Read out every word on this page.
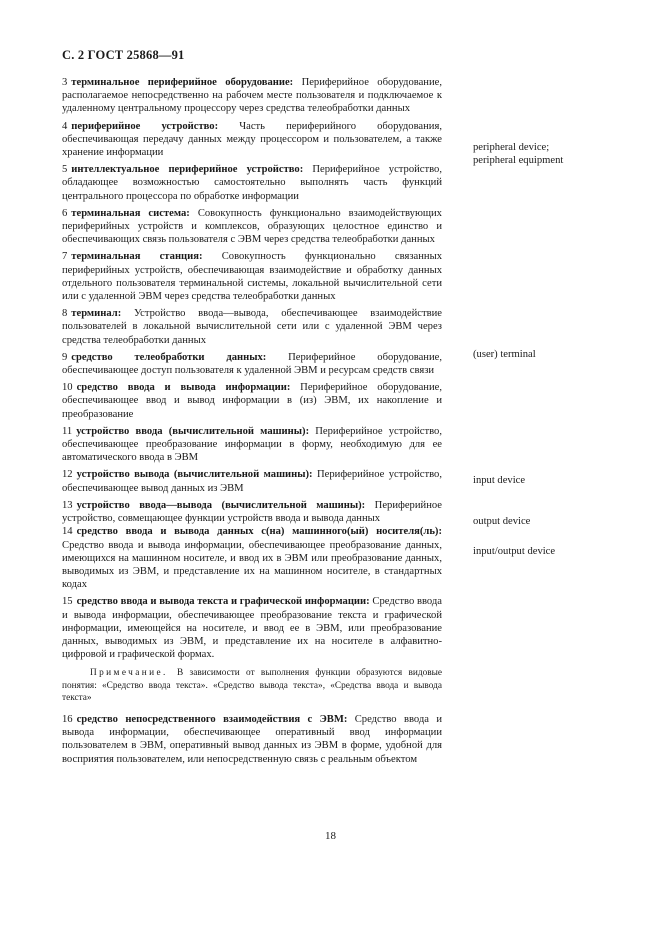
С. 2 ГОСТ 25868—91
3 терминальное периферийное оборудование: Периферийное оборудование, располагаемое непосредственно на рабочем месте пользователя и подключаемое к удаленному центральному процессору через средства телеобработки данных
4 периферийное устройство: Часть периферийного оборудования, обеспечивающая передачу данных между процессором и пользователем, а также хранение информации
5 интеллектуальное периферийное устройство: Периферийное устройство, обладающее возможностью самостоятельно выполнять часть функций центрального процессора по обработке информации
6 терминальная система: Совокупность функционально взаимодействующих периферийных устройств и комплексов, образующих целостное единство и обеспечивающих связь пользователя с ЭВМ через средства телеобработки данных
7 терминальная станция: Совокупность функционально связанных периферийных устройств, обеспечивающая взаимодействие и обработку данных отдельного пользователя терминальной системы, локальной вычислительной сети или с удаленной ЭВМ через средства телеобработки данных
8 терминал: Устройство ввода—вывода, обеспечивающее взаимодействие пользователей в локальной вычислительной сети или с удаленной ЭВМ через средства телеобработки данных
9 средство телеобработки данных: Периферийное оборудование, обеспечивающее доступ пользователя к удаленной ЭВМ и ресурсам средств связи
10 средство ввода и вывода информации: Периферийное оборудование, обеспечивающее ввод и вывод информации в (из) ЭВМ, их накопление и преобразование
11 устройство ввода (вычислительной машины): Периферийное устройство, обеспечивающее преобразование информации в форму, необходимую для ее автоматического ввода в ЭВМ
12 устройство вывода (вычислительной машины): Периферийное устройство, обеспечивающее вывод данных из ЭВМ
13 устройство ввода—вывода (вычислительной машины): Периферийное устройство, совмещающее функции устройств ввода и вывода данных
14 средство ввода и вывода данных с(на) машинного(ый) носителя(ль): Средство ввода и вывода информации, обеспечивающее преобразование данных, имеющихся на машинном носителе, и ввод их в ЭВМ или преобразование данных, выводимых из ЭВМ, и представление их на машинном носителе, в стандартных кодах
15 средство ввода и вывода текста и графической информации: Средство ввода и вывода информации, обеспечивающее преобразование текста и графической информации, имеющейся на носителе, и ввод ее в ЭВМ, или преобразование данных, выводимых из ЭВМ, и представление их на носителе в алфавитно-цифровой и графической формах.
Примечание. В зависимости от выполнения функции образуются видовые понятия: «Средство ввода текста». «Средство вывода текста», «Средства ввода и вывода текста»
16 средство непосредственного взаимодействия с ЭВМ: Средство ввода и вывода информации, обеспечивающее оперативный ввод информации пользователем в ЭВМ, оперативный вывод данных из ЭВМ в форме, удобной для восприятия пользователем, или непосредственную связь с реальным объектом
peripheral device;
peripheral equipment
(user) terminal
input device
output device
input/output device
18
